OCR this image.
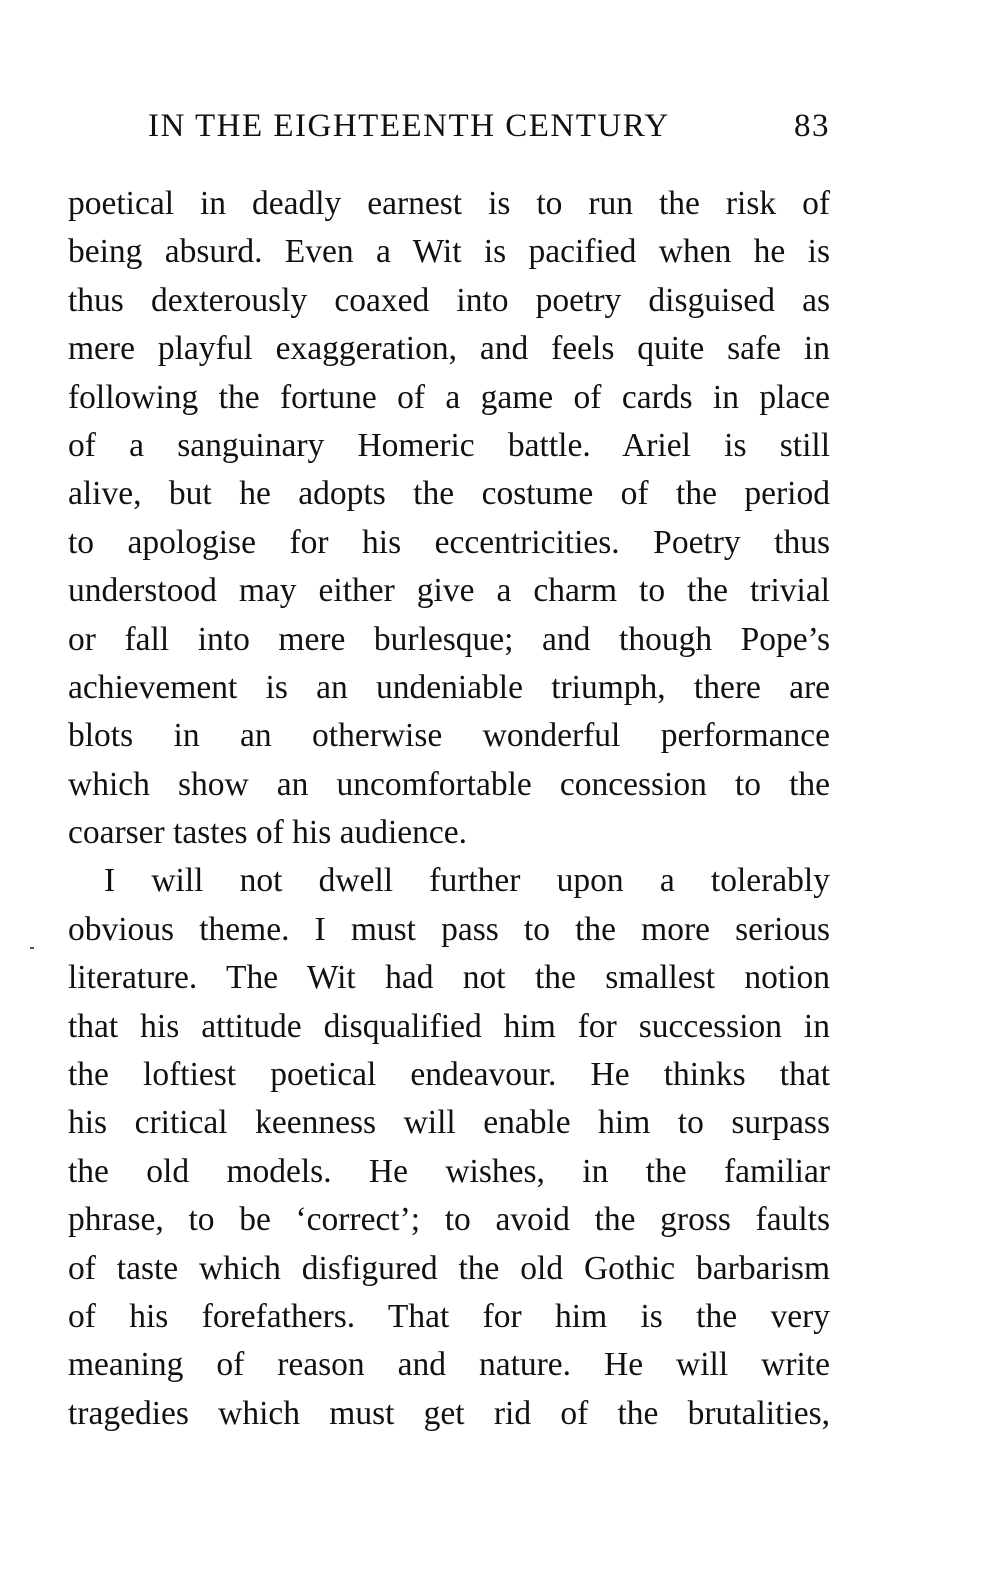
IN THE EIGHTEENTH CENTURY	83
poetical in deadly earnest is to run the risk of
being absurd. Even a Wit is pacified when he is
thus dexterously coaxed into poetry disguised as
mere playful exaggeration, and feels quite safe in
following the fortune of a game of cards in place
of a sanguinary Homeric battle. Ariel is still
alive, but he adopts the costume of the period
to apologise for his eccentricities. Poetry thus
understood may either give a charm to the trivial
or fall into mere burlesque; and though Pope’s
achievement is an undeniable triumph, there are
blots in an otherwise wonderful performance
which show an uncomfortable concession to the
coarser tastes of his audience.
I will not dwell further upon a tolerably
obvious theme. I must pass to the more serious
literature. The Wit had not the smallest notion
that his attitude disqualified him for succession in
the loftiest poetical endeavour. He thinks that
his critical keenness will enable him to surpass
the old models. He wishes, in the familiar
phrase, to be ‘correct’; to avoid the gross faults
of taste which disfigured the old Gothic barbarism
of his forefathers. That for him is the very
meaning of reason and nature. He will write
tragedies which must get rid of the brutalities,
